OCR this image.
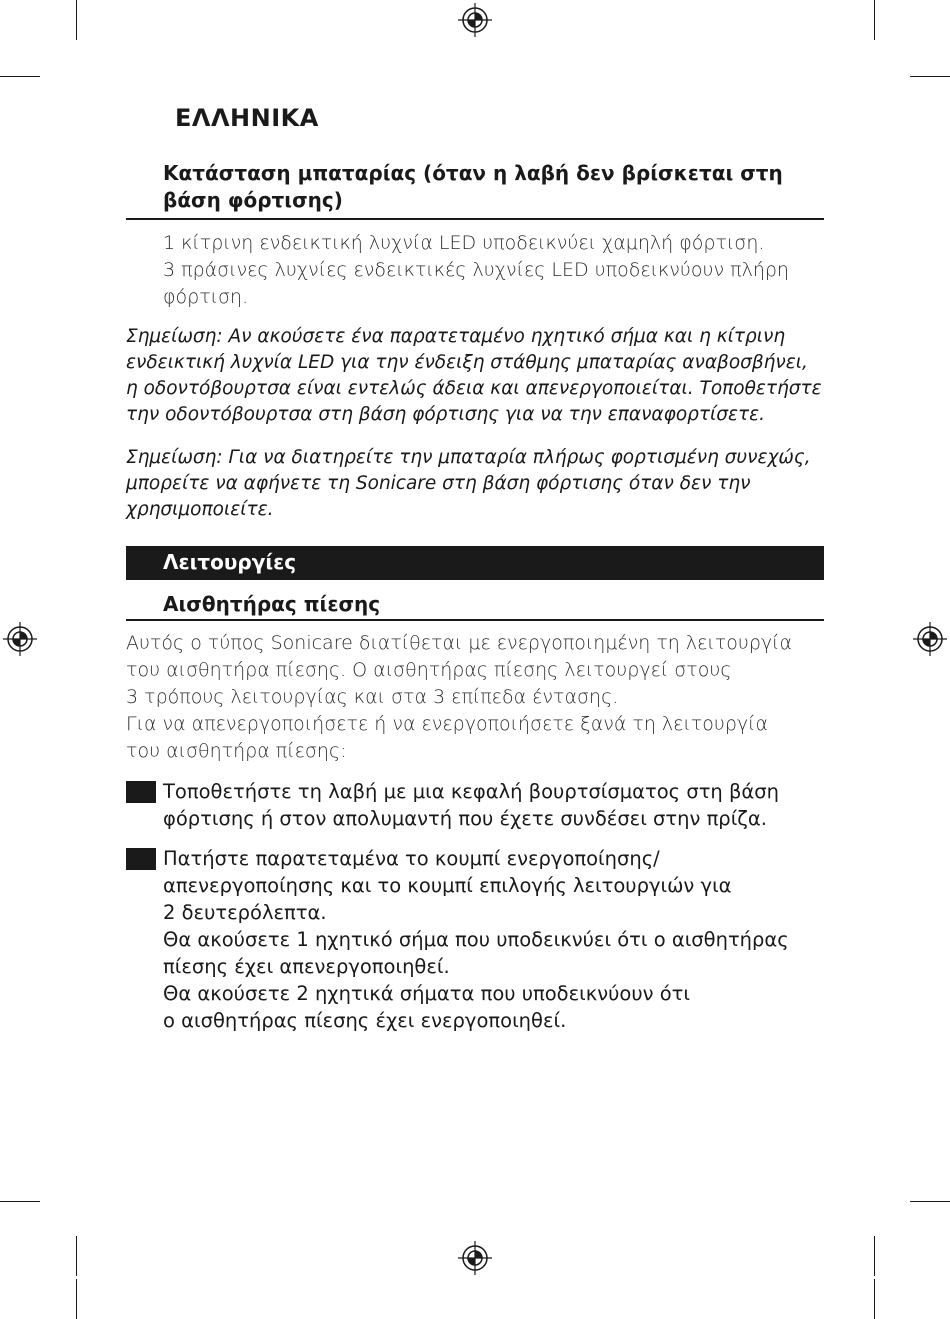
ΕΛΛΗΝΙΚΑ
Κατάσταση μπαταρίας (όταν η λαβή δεν βρίσκεται στη
βάση φόρτισης)
1 κίτρινη ενδεικτική λυχνία LED υποδεικνύει χαμηλή φόρτιση.
3 πράσινες λυχνίες ενδεικτικές λυχνίες LED υποδεικνύουν πλήρη
φόρτιση.

Σημείωση: Αν ακούσετε ένα παρατεταμένο ηχητικό σήμα και η κίτρινη
ενδεικτική λυχνία LED για την ένδειξη στάθμης μπαταρίας αναβοσβήνει,
η οδοντόβουρτσα είναι εντελώς άδεια και απενεργοποιείται. Τοποθετήστε
την οδοντόβουρτσα στη βάση φόρτισης για να την επαναφορτίσετε.

Σημείωση: Για να διατηρείτε την μπαταρία πλήρως φορτισμένη συνεχώς,
μπορείτε να αφήνετε τη Sonicare στη βάση φόρτισης όταν δεν την
χρησιμοποιείτε.

Λειτουργίες
Αισθητήρας πίεσης
Αυτός ο τύπος Sonicare διατίθεται με ενεργοποιημένη τη λειτουργία
του αισθητήρα πίεσης. Ο αισθητήρας πίεσης λειτουργεί στους
3 τρόπους λειτουργίας και στα 3 επίπεδα έντασης.
Για να απενεργοποιήσετε ή να ενεργοποιήσετε ξανά τη λειτουργία
του αισθητήρα πίεσης:
Τοποθετήστε τη λαβή με μια κεφαλή βουρτσίσματος στη βάση
φόρτισης ή στον απολυμαντή που έχετε συνδέσει στην πρίζα.
Πατήστε παρατεταμένα το κουμπί ενεργοποίησης/
απενεργοποίησης και το κουμπί επιλογής λειτουργιών για
2 δευτερόλεπτα.
Θα ακούσετε 1 ηχητικό σήμα που υποδεικνύει ότι ο αισθητήρας
πίεσης έχει απενεργοποιηθεί.
Θα ακούσετε 2 ηχητικά σήματα που υποδεικνύουν ότι
ο αισθητήρας πίεσης έχει ενεργοποιηθεί.
